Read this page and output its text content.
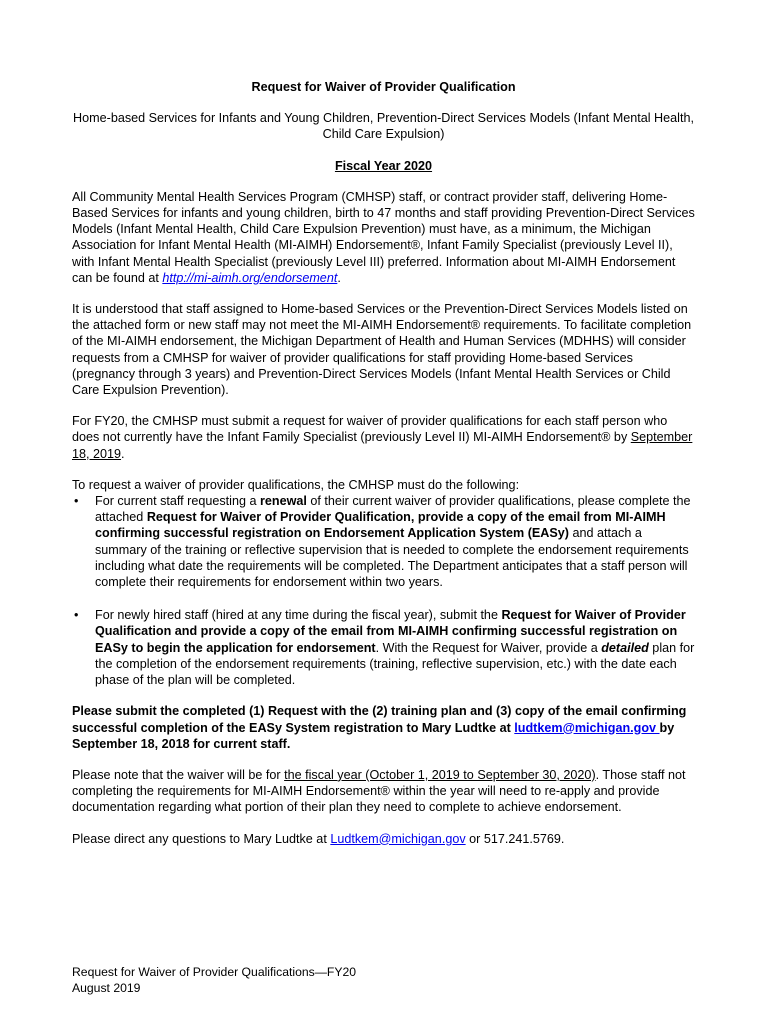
Request for Waiver of Provider Qualification
Home-based Services for Infants and Young Children, Prevention-Direct Services Models (Infant Mental Health, Child Care Expulsion)
Fiscal Year 2020

All Community Mental Health Services Program (CMHSP) staff, or contract provider staff, delivering Home-Based Services for infants and young children, birth to 47 months and staff providing Prevention-Direct Services Models (Infant Mental Health, Child Care Expulsion Prevention) must have, as a minimum, the Michigan Association for Infant Mental Health (MI-AIMH) Endorsement®, Infant Family Specialist (previously Level II), with Infant Mental Health Specialist (previously Level III) preferred. Information about MI-AIMH Endorsement can be found at http://mi-aimh.org/endorsement.

It is understood that staff assigned to Home-based Services or the Prevention-Direct Services Models listed on the attached form or new staff may not meet the MI-AIMH Endorsement® requirements. To facilitate completion of the MI-AIMH endorsement, the Michigan Department of Health and Human Services (MDHHS) will consider requests from a CMHSP for waiver of provider qualifications for staff providing Home-based Services (pregnancy through 3 years) and Prevention-Direct Services Models (Infant Mental Health Services or Child Care Expulsion Prevention).

For FY20, the CMHSP must submit a request for waiver of provider qualifications for each staff person who does not currently have the Infant Family Specialist (previously Level II) MI-AIMH Endorsement® by September 18, 2019.

To request a waiver of provider qualifications, the CMHSP must do the following:
• For current staff requesting a renewal of their current waiver of provider qualifications, please complete the attached Request for Waiver of Provider Qualification, provide a copy of the email from MI-AIMH confirming successful registration on Endorsement Application System (EASy) and attach a summary of the training or reflective supervision that is needed to complete the endorsement requirements including what date the requirements will be completed. The Department anticipates that a staff person will complete their requirements for endorsement within two years.
• For newly hired staff (hired at any time during the fiscal year), submit the Request for Waiver of Provider Qualification and provide a copy of the email from MI-AIMH confirming successful registration on EASy to begin the application for endorsement. With the Request for Waiver, provide a detailed plan for the completion of the endorsement requirements (training, reflective supervision, etc.) with the date each phase of the plan will be completed.

Please submit the completed (1) Request with the (2) training plan and (3) copy of the email confirming successful completion of the EASy System registration to Mary Ludtke at ludtkem@michigan.gov by September 18, 2018 for current staff.

Please note that the waiver will be for the fiscal year (October 1, 2019 to September 30, 2020). Those staff not completing the requirements for MI-AIMH Endorsement® within the year will need to re-apply and provide documentation regarding what portion of their plan they need to complete to achieve endorsement.

Please direct any questions to Mary Ludtke at Ludtkem@michigan.gov or 517.241.5769.

Request for Waiver of Provider Qualifications—FY20
August 2019
